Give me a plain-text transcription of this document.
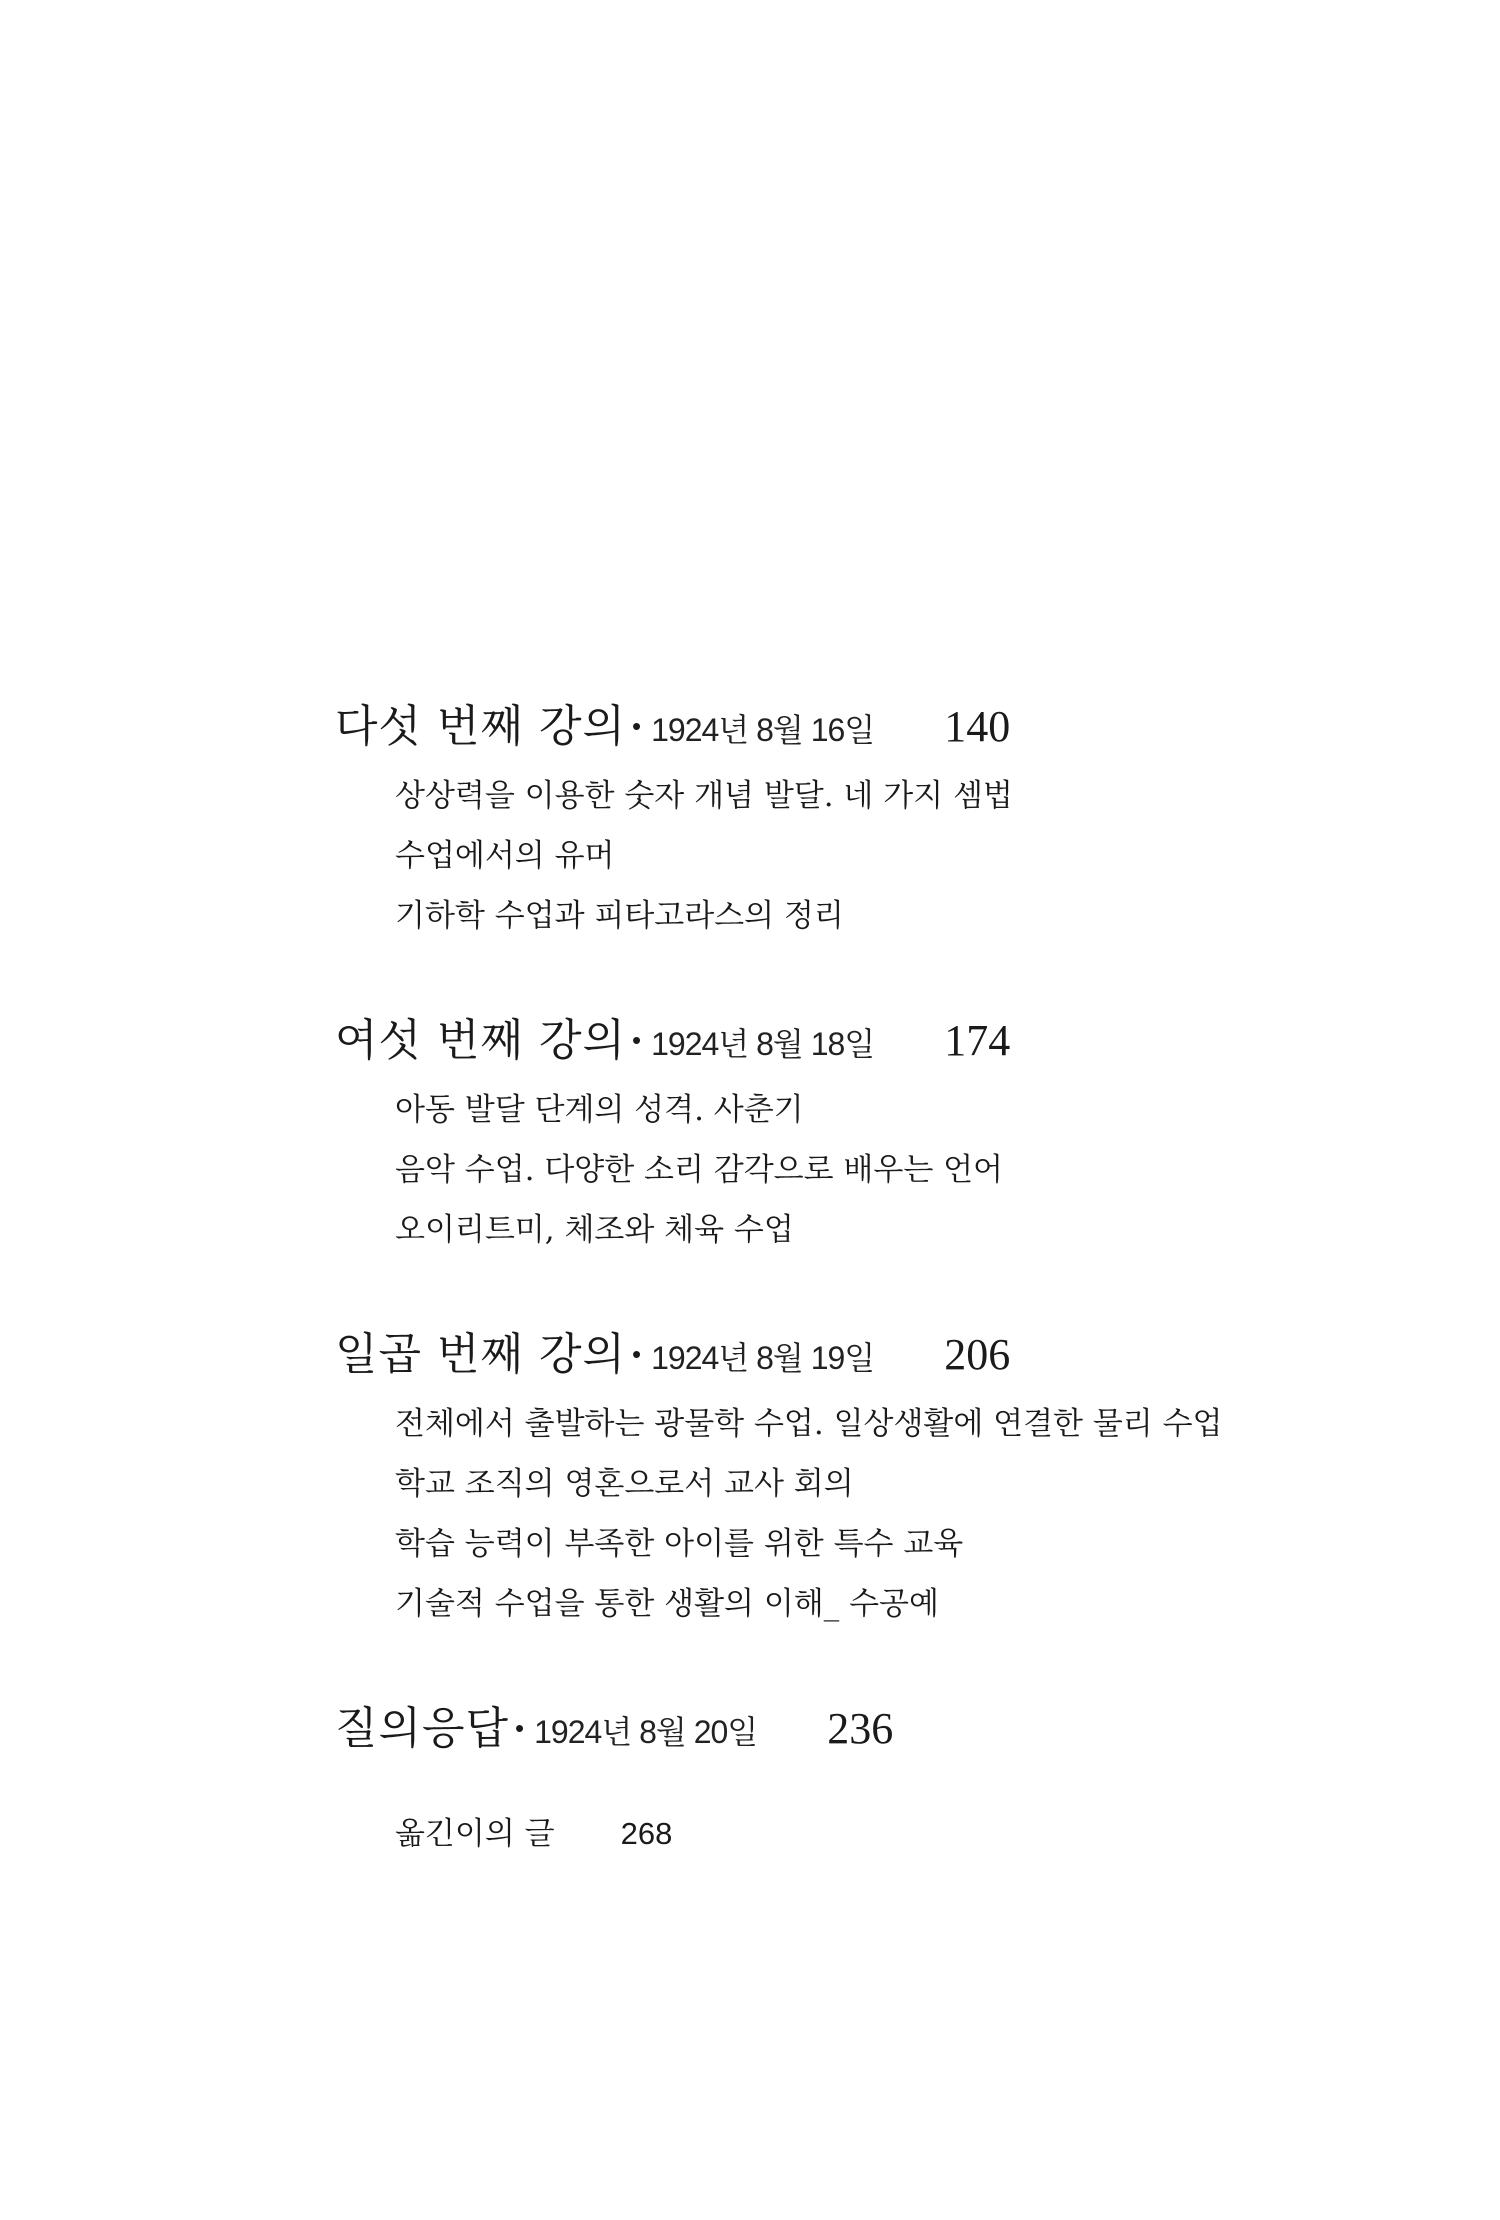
다섯 번째 강의 • 1924년 8월 16일 140
상상력을 이용한 숫자 개념 발달. 네 가지 셈법
수업에서의 유머
기하학 수업과 피타고라스의 정리
여섯 번째 강의 • 1924년 8월 18일 174
아동 발달 단계의 성격. 사춘기
음악 수업. 다양한 소리 감각으로 배우는 언어
오이리트미, 체조와 체육 수업
일곱 번째 강의 • 1924년 8월 19일 206
전체에서 출발하는 광물학 수업. 일상생활에 연결한 물리 수업
학교 조직의 영혼으로서 교사 회의
학습 능력이 부족한 아이를 위한 특수 교육
기술적 수업을 통한 생활의 이해_ 수공예
질의응답 • 1924년 8월 20일 236
옮긴이의 글 268
